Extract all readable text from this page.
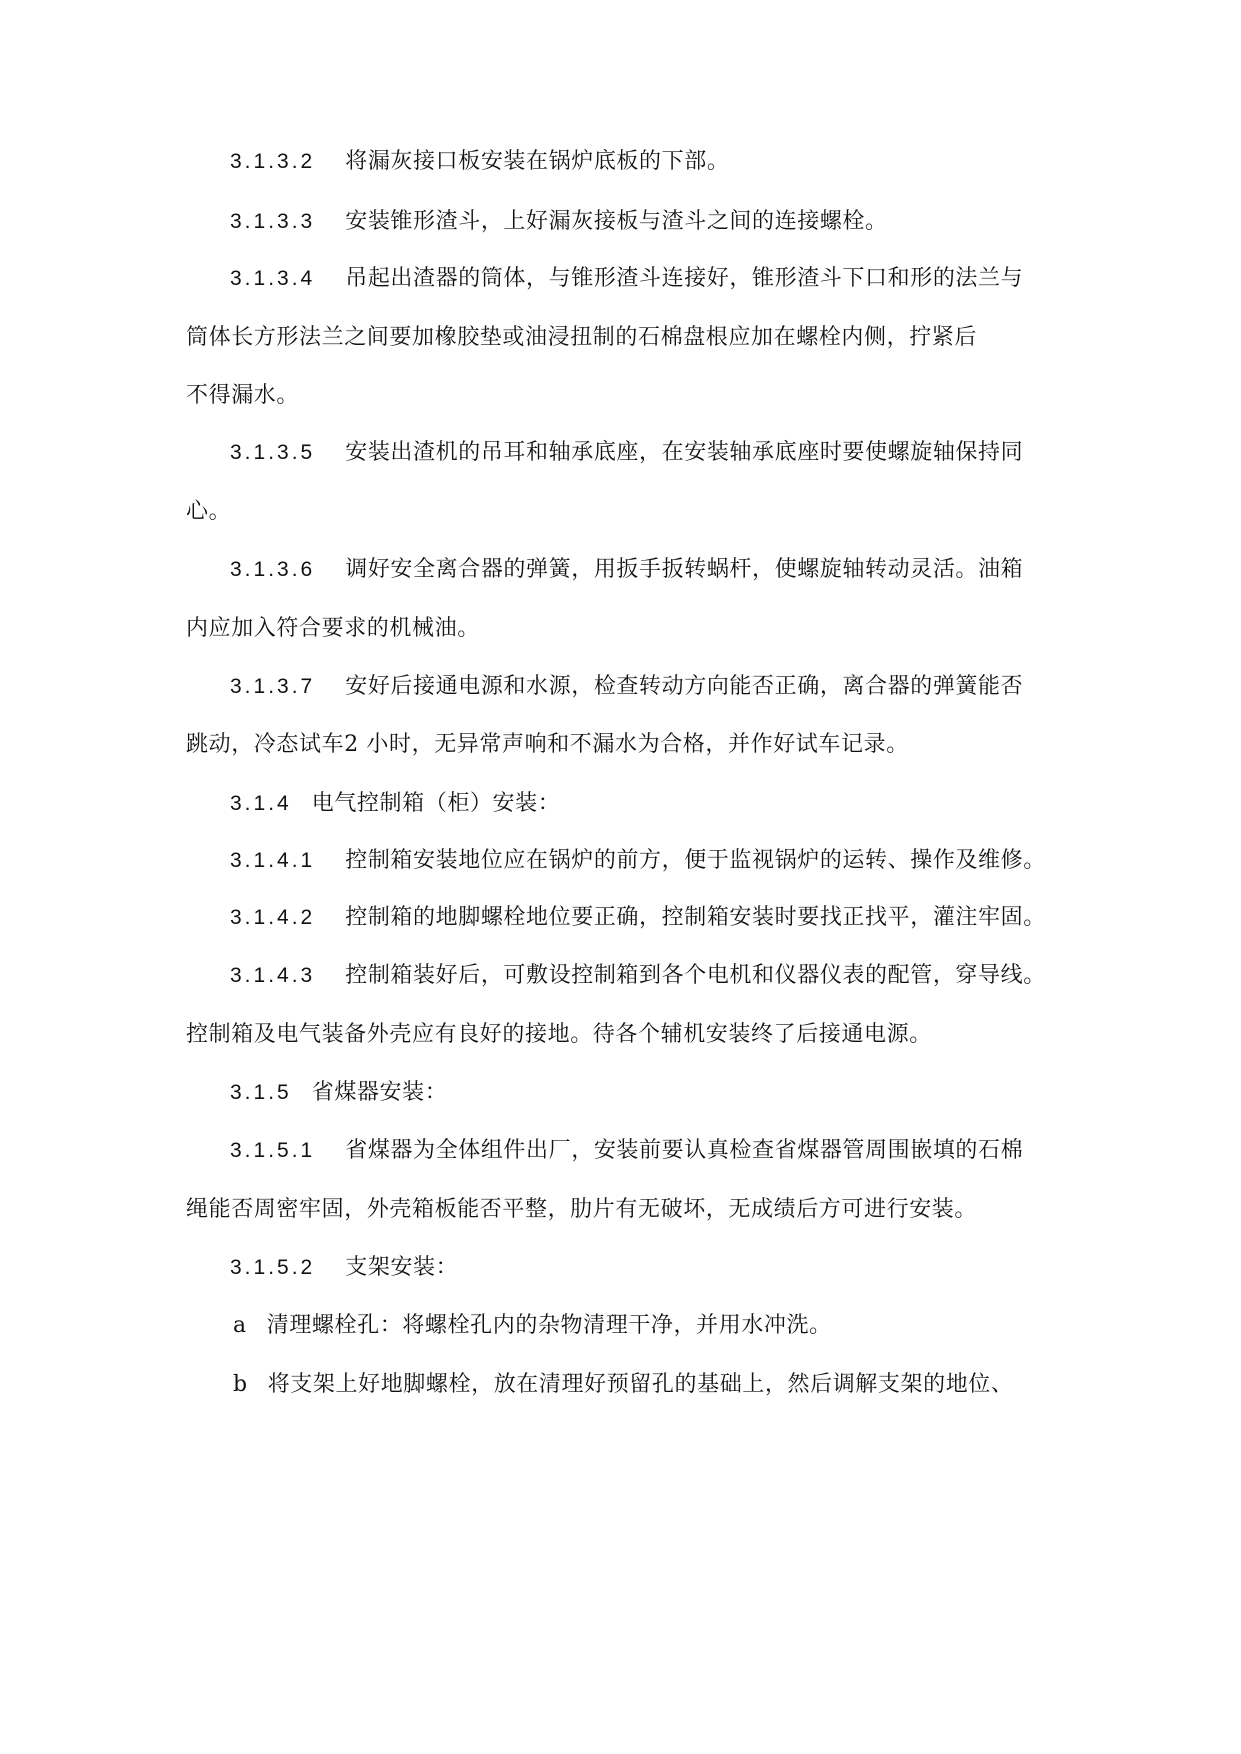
3.1.3.2 将漏灰接口板安装在锅炉底板的下部。
3.1.3.3 安装锥形渣斗，上好漏灰接板与渣斗之间的连接螺栓。
3.1.3.4 吊起出渣器的筒体，与锥形渣斗连接好，锥形渣斗下口和形的法兰与
筒体长方形法兰之间要加橡胶垫或油浸扭制的石棉盘根应加在螺栓内侧，拧紧后
不得漏水。
3.1.3.5 安装出渣机的吊耳和轴承底座，在安装轴承底座时要使螺旋轴保持同
心。
3.1.3.6 调好安全离合器的弹簧，用扳手扳转蜗杆，使螺旋轴转动灵活。油箱
内应加入符合要求的机械油。
3.1.3.7 安好后接通电源和水源，检查转动方向能否正确，离合器的弹簧能否
跳动，冷态试车2 小时，无异常声响和不漏水为合格，并作好试车记录。
3.1.4 电气控制箱（柜）安装：
3.1.4.1 控制箱安装地位应在锅炉的前方，便于监视锅炉的运转、操作及维修。
3.1.4.2 控制箱的地脚螺栓地位要正确，控制箱安装时要找正找平，灌注牢固。
3.1.4.3 控制箱装好后，可敷设控制箱到各个电机和仪器仪表的配管，穿导线。
控制箱及电气装备外壳应有良好的接地。待各个辅机安装终了后接通电源。
3.1.5 省煤器安装：
3.1.5.1 省煤器为全体组件出厂，安装前要认真检查省煤器管周围嵌填的石棉
绳能否周密牢固，外壳箱板能否平整，肋片有无破坏，无成绩后方可进行安装。
3.1.5.2 支架安装：
a 清理螺栓孔：将螺栓孔内的杂物清理干净，并用水冲洗。
b 将支架上好地脚螺栓，放在清理好预留孔的基础上，然后调解支架的地位、
